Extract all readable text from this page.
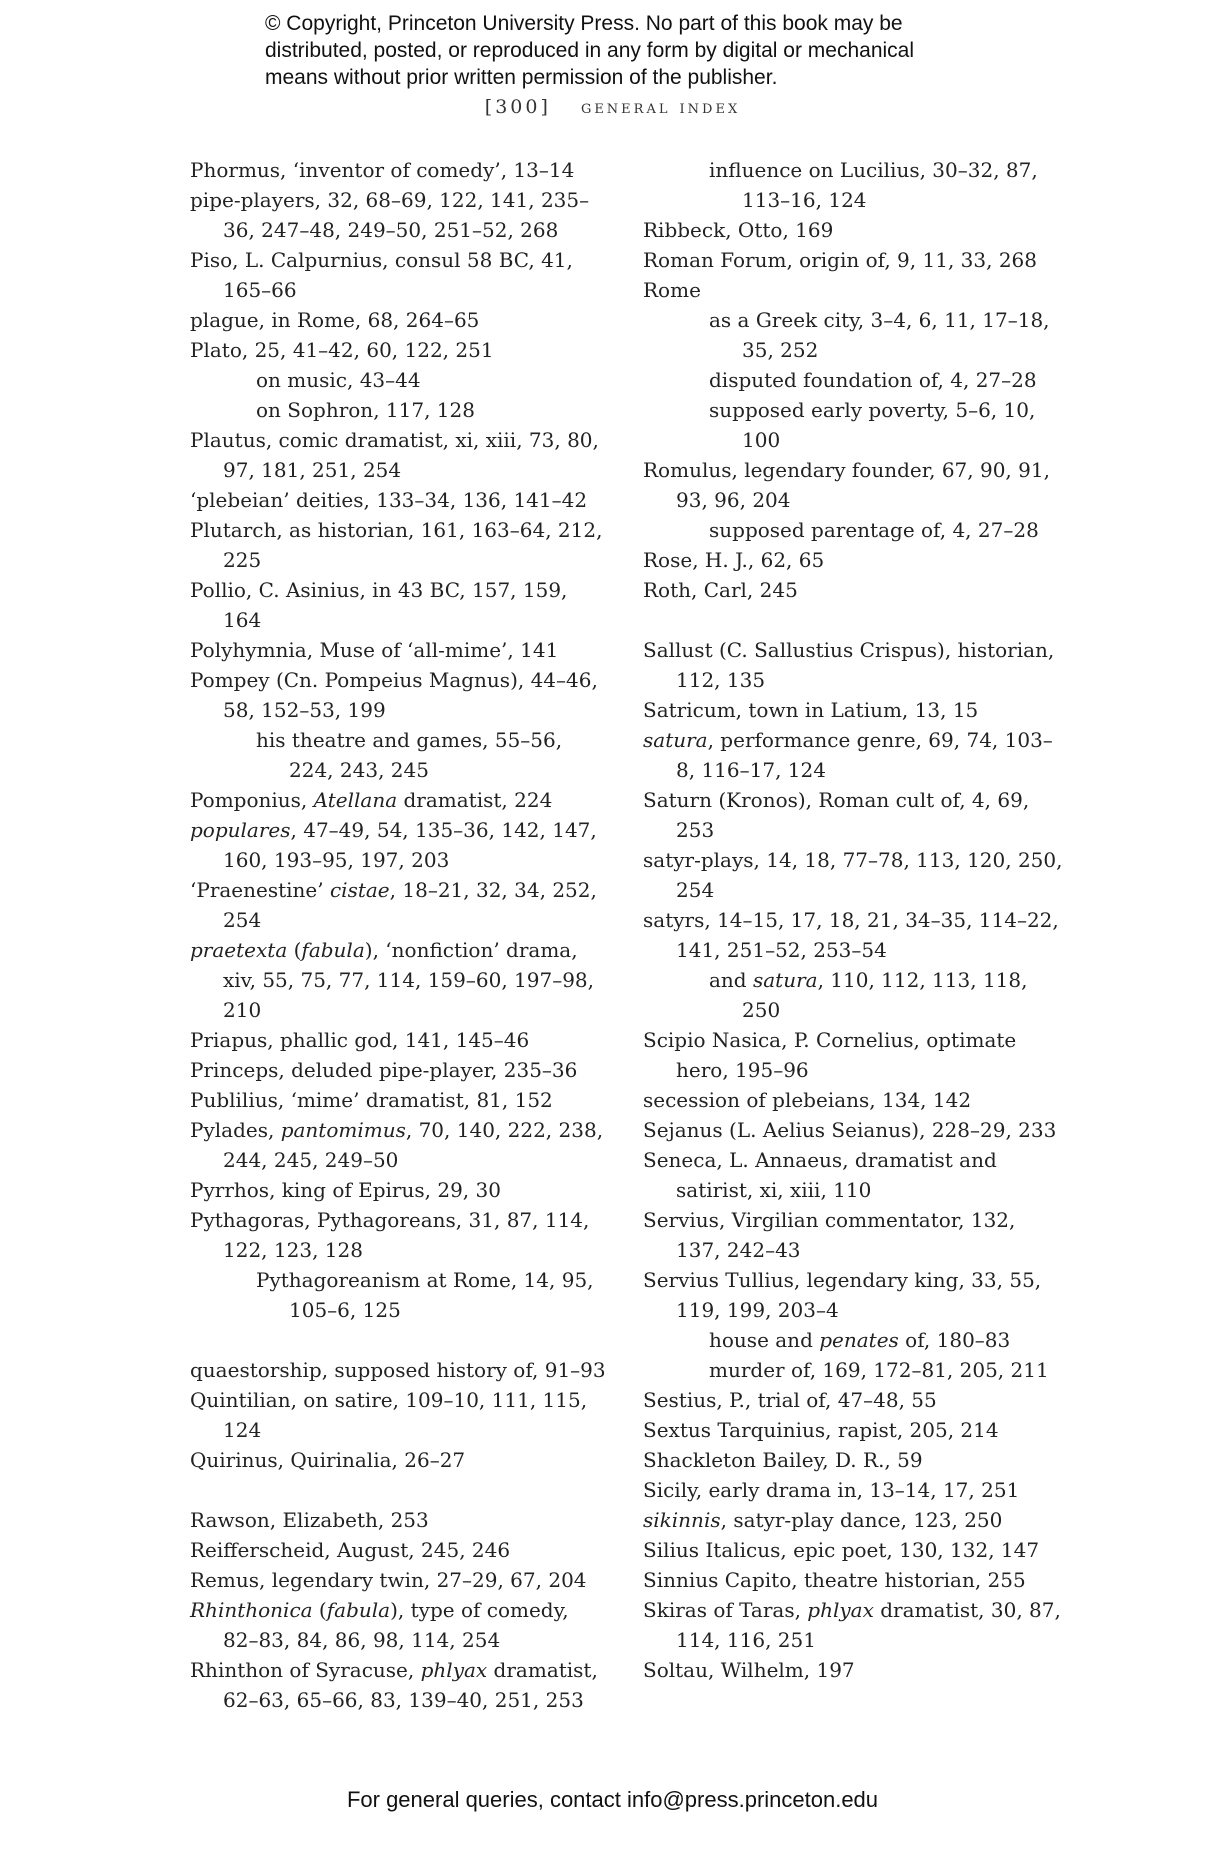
© Copyright, Princeton University Press. No part of this book may be
distributed, posted, or reproduced in any form by digital or mechanical
means without prior written permission of the publisher.
[300] general index

Phormus, ‘inventor of comedy’, 13–14

pipe-players, 32, 68–69, 122, 141, 235–36, 247–48, 249–50, 251–52, 268

Piso, L. Calpurnius, consul 58 BC, 41, 165–66

plague, in Rome, 68, 264–65

Plato, 25, 41–42, 60, 122, 251

on music, 43–44

on Sophron, 117, 128

Plautus, comic dramatist, xi, xiii, 73, 80, 97, 181, 251, 254

‘plebeian’ deities, 133–34, 136, 141–42

Plutarch, as historian, 161, 163–64, 212, 225

Pollio, C. Asinius, in 43 BC, 157, 159, 164

Polyhymnia, Muse of ‘all-mime’, 141

Pompey (Cn. Pompeius Magnus), 44–46, 58, 152–53, 199

his theatre and games, 55–56, 224, 243, 245

Pomponius, Atellana dramatist, 224

populares, 47–49, 54, 135–36, 142, 147, 160, 193–95, 197, 203

‘Praenestine’ cistae, 18–21, 32, 34, 252, 254

praetexta (fabula), ‘nonfiction’ drama, xiv, 55, 75, 77, 114, 159–60, 197–98, 210

Priapus, phallic god, 141, 145–46

Princeps, deluded pipe-player, 235–36

Publilius, ‘mime’ dramatist, 81, 152

Pylades, pantomimus, 70, 140, 222, 238, 244, 245, 249–50

Pyrrhos, king of Epirus, 29, 30

Pythagoras, Pythagoreans, 31, 87, 114, 122, 123, 128

Pythagoreanism at Rome, 14, 95, 105–6, 125

quaestorship, supposed history of, 91–93

Quintilian, on satire, 109–10, 111, 115, 124

Quirinus, Quirinalia, 26–27

Rawson, Elizabeth, 253

Reifferscheid, August, 245, 246

Remus, legendary twin, 27–29, 67, 204

Rhinthonica (fabula), type of comedy, 82–83, 84, 86, 98, 114, 254

Rhinthon of Syracuse, phlyax dramatist, 62–63, 65–66, 83, 139–40, 251, 253

influence on Lucilius, 30–32, 87, 113–16, 124

Ribbeck, Otto, 169

Roman Forum, origin of, 9, 11, 33, 268

Rome

as a Greek city, 3–4, 6, 11, 17–18, 35, 252

disputed foundation of, 4, 27–28

supposed early poverty, 5–6, 10, 100

Romulus, legendary founder, 67, 90, 91, 93, 96, 204

supposed parentage of, 4, 27–28

Rose, H. J., 62, 65

Roth, Carl, 245

Sallust (C. Sallustius Crispus), historian, 112, 135

Satricum, town in Latium, 13, 15

satura, performance genre, 69, 74, 103–8, 116–17, 124

Saturn (Kronos), Roman cult of, 4, 69, 253

satyr-plays, 14, 18, 77–78, 113, 120, 250, 254

satyrs, 14–15, 17, 18, 21, 34–35, 114–22, 141, 251–52, 253–54

and satura, 110, 112, 113, 118, 250

Scipio Nasica, P. Cornelius, optimate hero, 195–96

secession of plebeians, 134, 142

Sejanus (L. Aelius Seianus), 228–29, 233

Seneca, L. Annaeus, dramatist and satirist, xi, xiii, 110

Servius, Virgilian commentator, 132, 137, 242–43

Servius Tullius, legendary king, 33, 55, 119, 199, 203–4

house and penates of, 180–83

murder of, 169, 172–81, 205, 211

Sestius, P., trial of, 47–48, 55

Sextus Tarquinius, rapist, 205, 214

Shackleton Bailey, D. R., 59

Sicily, early drama in, 13–14, 17, 251

sikinnis, satyr-play dance, 123, 250

Silius Italicus, epic poet, 130, 132, 147

Sinnius Capito, theatre historian, 255

Skiras of Taras, phlyax dramatist, 30, 87, 114, 116, 251

Soltau, Wilhelm, 197

For general queries, contact info@press.princeton.edu
